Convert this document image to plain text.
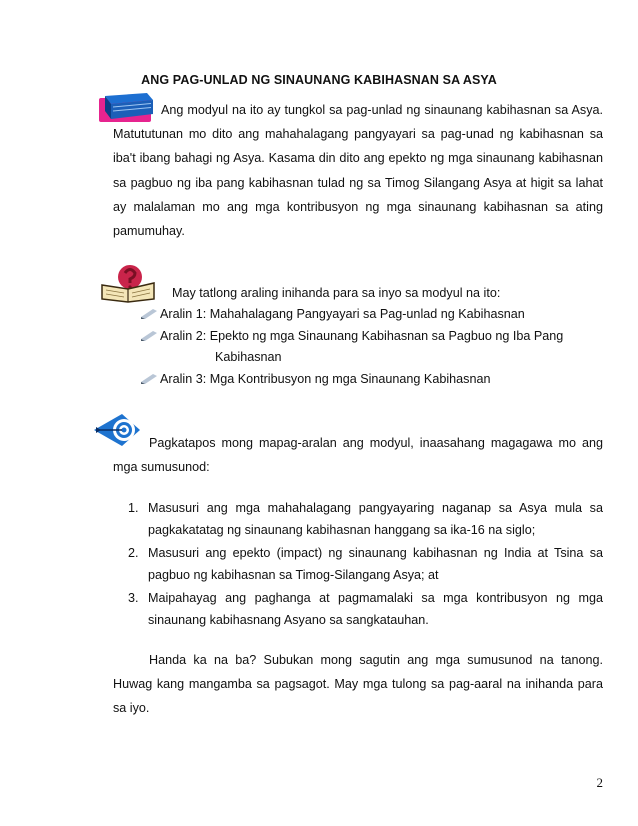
ANG PAG-UNLAD NG SINAUNANG KABIHASNAN SA ASYA

Ang modyul na ito ay tungkol sa pag-unlad ng sinaunang kabihasnan sa Asya. Matututunan mo dito ang mahahalagang pangyayari sa pag-unad ng kabihasnan sa iba't ibang bahagi ng Asya. Kasama din dito ang epekto ng mga sinaunang kabihasnan sa pagbuo ng iba pang kabihasnan tulad ng sa Timog Silangang Asya at higit sa lahat ay malalaman mo ang mga kontribusyon ng mga sinaunang kabihasnan sa ating pamumuhay.

May tatlong araling inihanda para sa inyo sa modyul na ito:
Aralin 1: Mahahalagang Pangyayari sa Pag-unlad ng Kabihasnan
Aralin 2: Epekto ng mga Sinaunang Kabihasnan sa Pagbuo ng Iba Pang
Kabihasnan
Aralin 3: Mga Kontribusyon ng mga Sinaunang Kabihasnan

Pagkatapos mong mapag-aralan ang modyul, inaasahang magagawa mo ang mga sumusunod:

1. Masusuri ang mga mahahalagang pangyayaring naganap sa Asya mula sa pagkakatatag ng sinaunang kabihasnan hanggang sa ika-16 na siglo;
2. Masusuri ang epekto (impact) ng sinaunang kabihasnan ng India at Tsina sa pagbuo ng kabihasnan sa Timog-Silangang Asya; at
3. Maipahayag ang paghanga at pagmamalaki sa mga kontribusyon ng mga sinaunang kabihasnang Asyano sa sangkatauhan.

Handa ka na ba? Subukan mong sagutin ang mga sumusunod na tanong. Huwag kang mangamba sa pagsagot. May mga tulong sa pag-aaral na inihanda para sa iyo.

2
